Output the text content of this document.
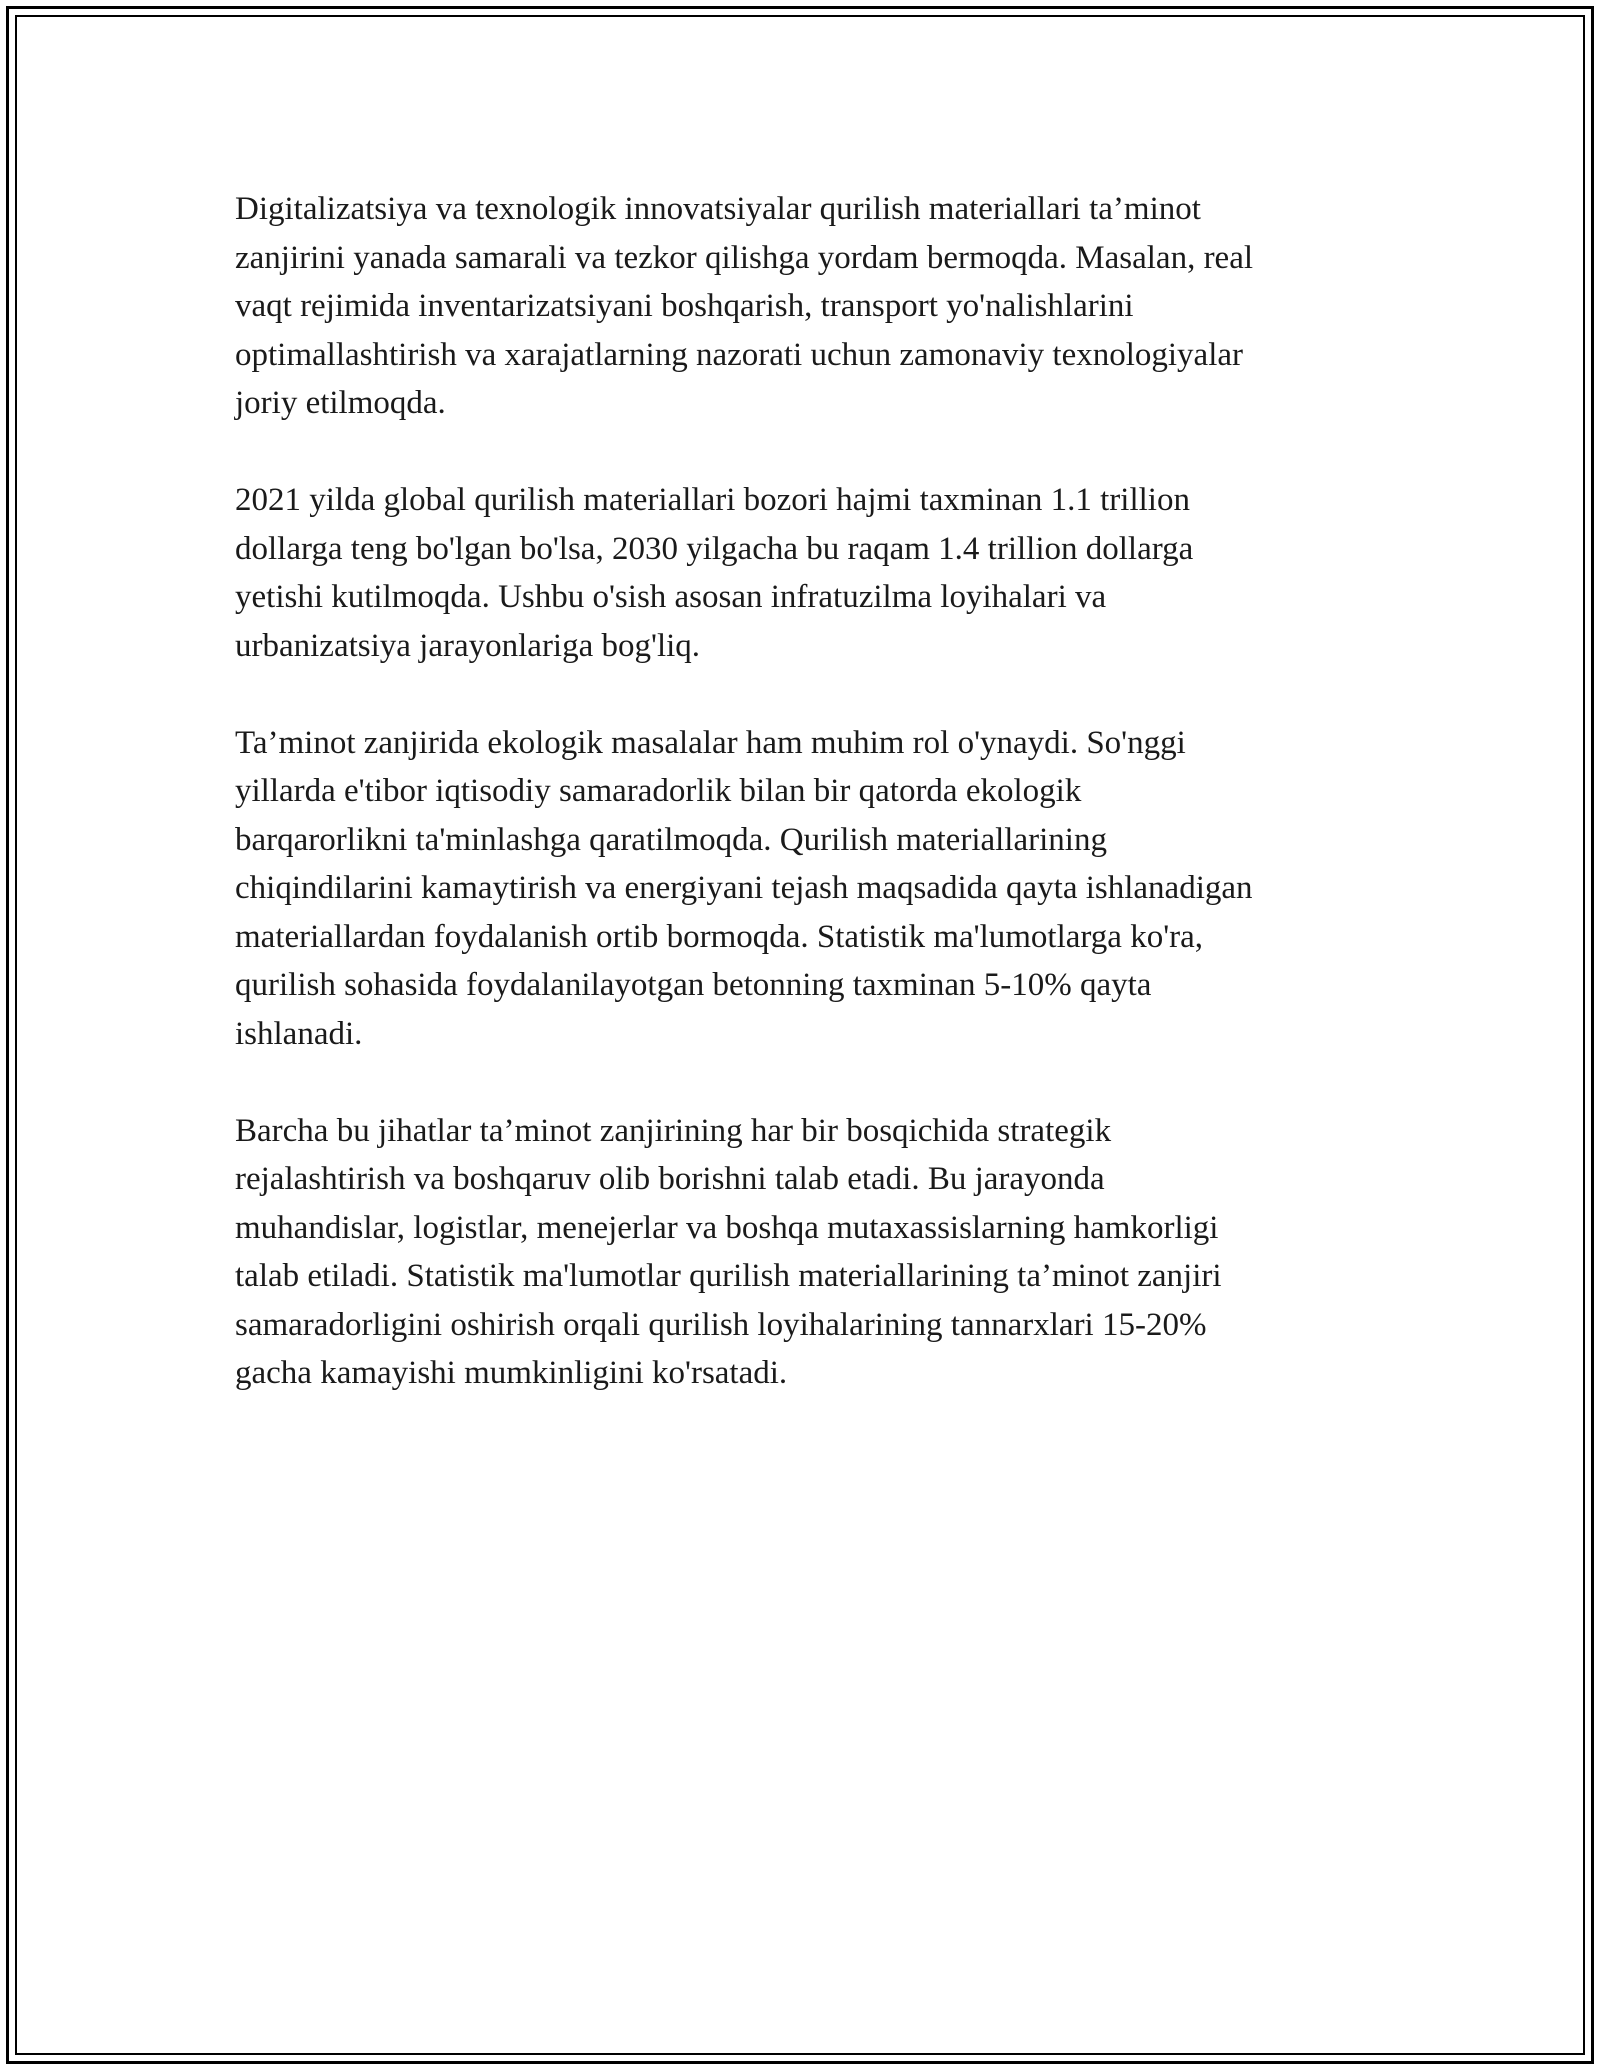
Digitalizatsiya va texnologik innovatsiyalar qurilish materiallari ta’minot
zanjirini yanada samarali va tezkor qilishga yordam bermoqda. Masalan, real
vaqt rejimida inventarizatsiyani boshqarish, transport yo'nalishlarini
optimallashtirish va xarajatlarning nazorati uchun zamonaviy texnologiyalar
joriy etilmoqda.

2021 yilda global qurilish materiallari bozori hajmi taxminan 1.1 trillion
dollarga teng bo'lgan bo'lsa, 2030 yilgacha bu raqam 1.4 trillion dollarga
yetishi kutilmoqda. Ushbu o'sish asosan infratuzilma loyihalari va
urbanizatsiya jarayonlariga bog'liq.

Ta’minot zanjirida ekologik masalalar ham muhim rol o'ynaydi. So'nggi
yillarda e'tibor iqtisodiy samaradorlik bilan bir qatorda ekologik
barqarorlikni ta'minlashga qaratilmoqda. Qurilish materiallarining
chiqindilarini kamaytirish va energiyani tejash maqsadida qayta ishlanadigan
materiallardan foydalanish ortib bormoqda. Statistik ma'lumotlarga ko'ra,
qurilish sohasida foydalanilayotgan betonning taxminan 5-10% qayta
ishlanadi.

Barcha bu jihatlar ta’minot zanjirining har bir bosqichida strategik
rejalashtirish va boshqaruv olib borishni talab etadi. Bu jarayonda
muhandislar, logistlar, menejerlar va boshqa mutaxassislarning hamkorligi
talab etiladi. Statistik ma'lumotlar qurilish materiallarining ta’minot zanjiri
samaradorligini oshirish orqali qurilish loyihalarining tannarxlari 15-20%
gacha kamayishi mumkinligini ko'rsatadi.
